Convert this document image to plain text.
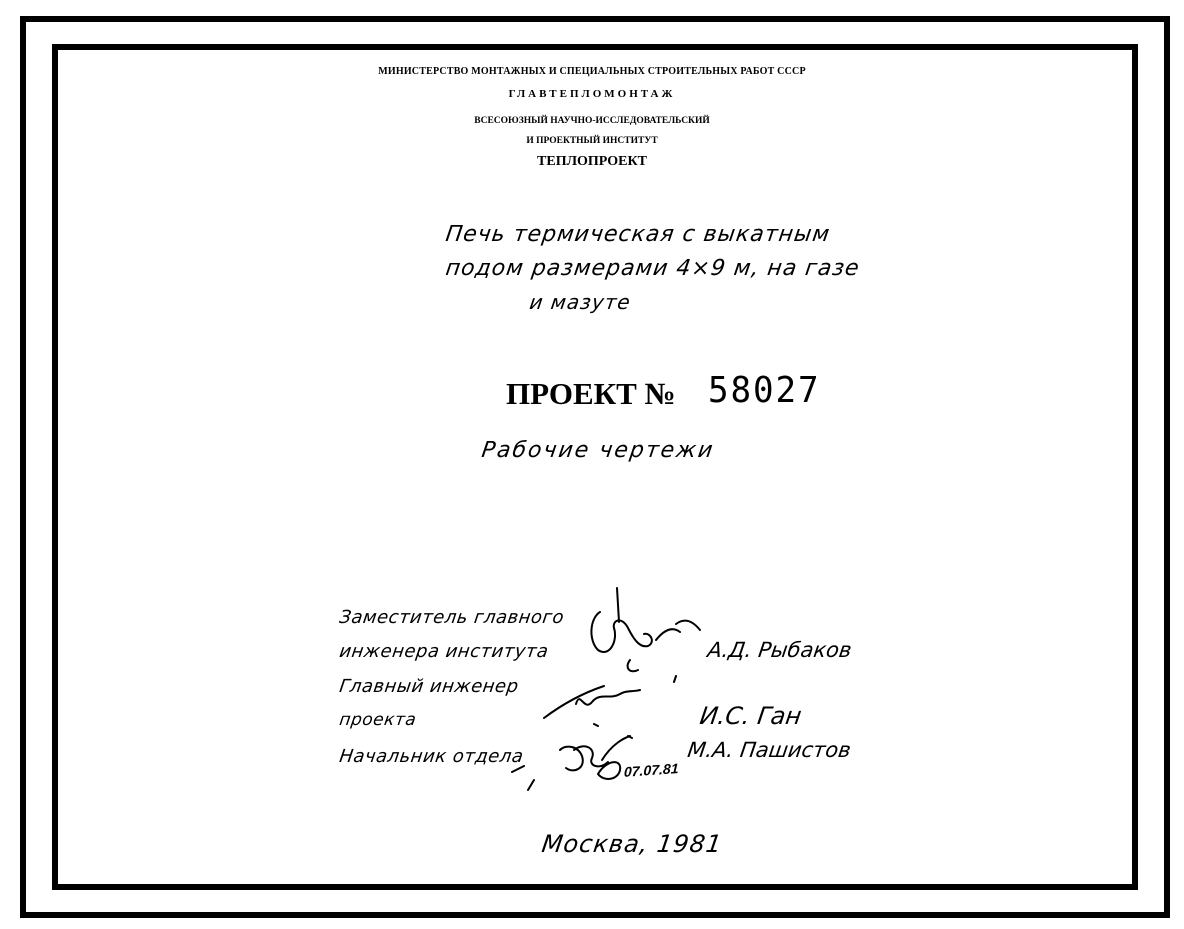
МИНИСТЕРСТВО МОНТАЖНЫХ И СПЕЦИАЛЬНЫХ СТРОИТЕЛЬНЫХ РАБОТ СССР
ГЛАВТЕПЛОМОНТАЖ
ВСЕСОЮЗНЫЙ НАУЧНО-ИССЛЕДОВАТЕЛЬСКИЙ
И ПРОЕКТНЫЙ ИНСТИТУТ
ТЕПЛОПРОЕКТ
Печь термическая с выкатным
подом размерами 4×9 м, на газе
и мазуте
ПРОЕКТ № 58027
Рабочие чертежи
Заместитель главного
инженера института
Главный инженер
проекта
Начальник отдела
А.Д. Рыбаков
И.С. Ган
М.А. Пашистов
07.07.81
Москва, 1981
